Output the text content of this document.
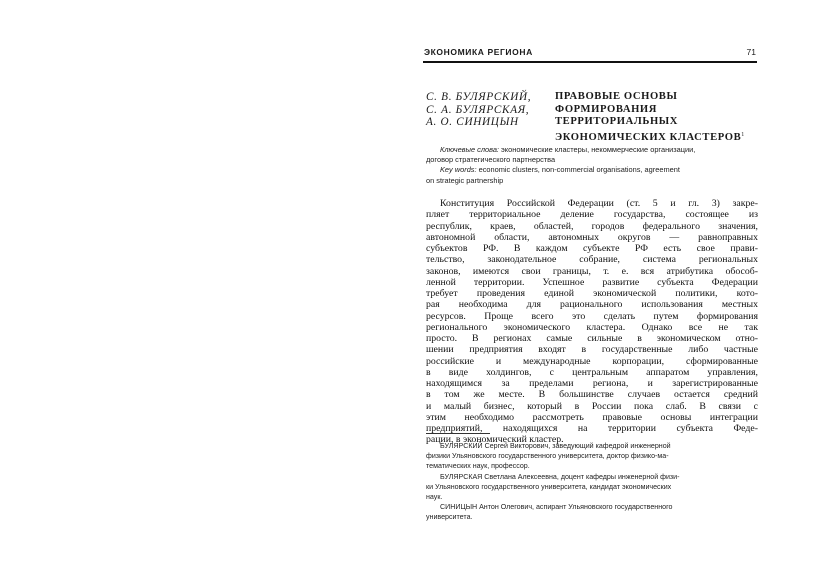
ЭКОНОМИКА РЕГИОНА	71
С. В. БУЛЯРСКИЙ,
С. А. БУЛЯРСКАЯ,
А. О. СИНИЦЫН
ПРАВОВЫЕ ОСНОВЫ
ФОРМИРОВАНИЯ
ТЕРРИТОРИАЛЬНЫХ
ЭКОНОМИЧЕСКИХ КЛАСТЕРОВ$^1$
Ключевые слова: экономические кластеры, некоммерческие организации,
договор стратегического партнерства
Key words: economic clusters, non-commercial organisations, agreement
on strategic partnership
Конституция Российской Федерации (ст. 5 и гл. 3) закре-
пляет территориальное деление государства, состоящее из
республик, краев, областей, городов федерального значения,
автономной области, автономных округов — равноправных
субъектов РФ. В каждом субъекте РФ есть свое прави-
тельство, законодательное собрание, система региональных
законов, имеются свои границы, т. е. вся атрибутика обособ-
ленной территории. Успешное развитие субъекта Федерации
требует проведения единой экономической политики, кото-
рая необходима для рационального использования местных
ресурсов. Проще всего это сделать путем формирования
регионального экономического кластера. Однако все не так
просто. В регионах самые сильные в экономическом отно-
шении предприятия входят в государственные либо частные
российские и международные корпорации, сформированные
в виде холдингов, с центральным аппаратом управления,
находящимся за пределами региона, и зарегистрированные
в том же месте. В большинстве случаев остается средний
и малый бизнес, который в России пока слаб. В связи с
этим необходимо рассмотреть правовые основы интеграции
предприятий, находящихся на территории субъекта Феде-
рации, в экономический кластер.
БУЛЯРСКИЙ Сергей Викторович, заведующий кафедрой инженерной
физики Ульяновского государственного университета, доктор физико-ма-
тематических наук, профессор.
БУЛЯРСКАЯ Светлана Алексеевна, доцент кафедры инженерной физи-
ки Ульяновского государственного университета, кандидат экономических
наук.
СИНИЦЫН Антон Олегович, аспирант Ульяновского государственного
университета.
